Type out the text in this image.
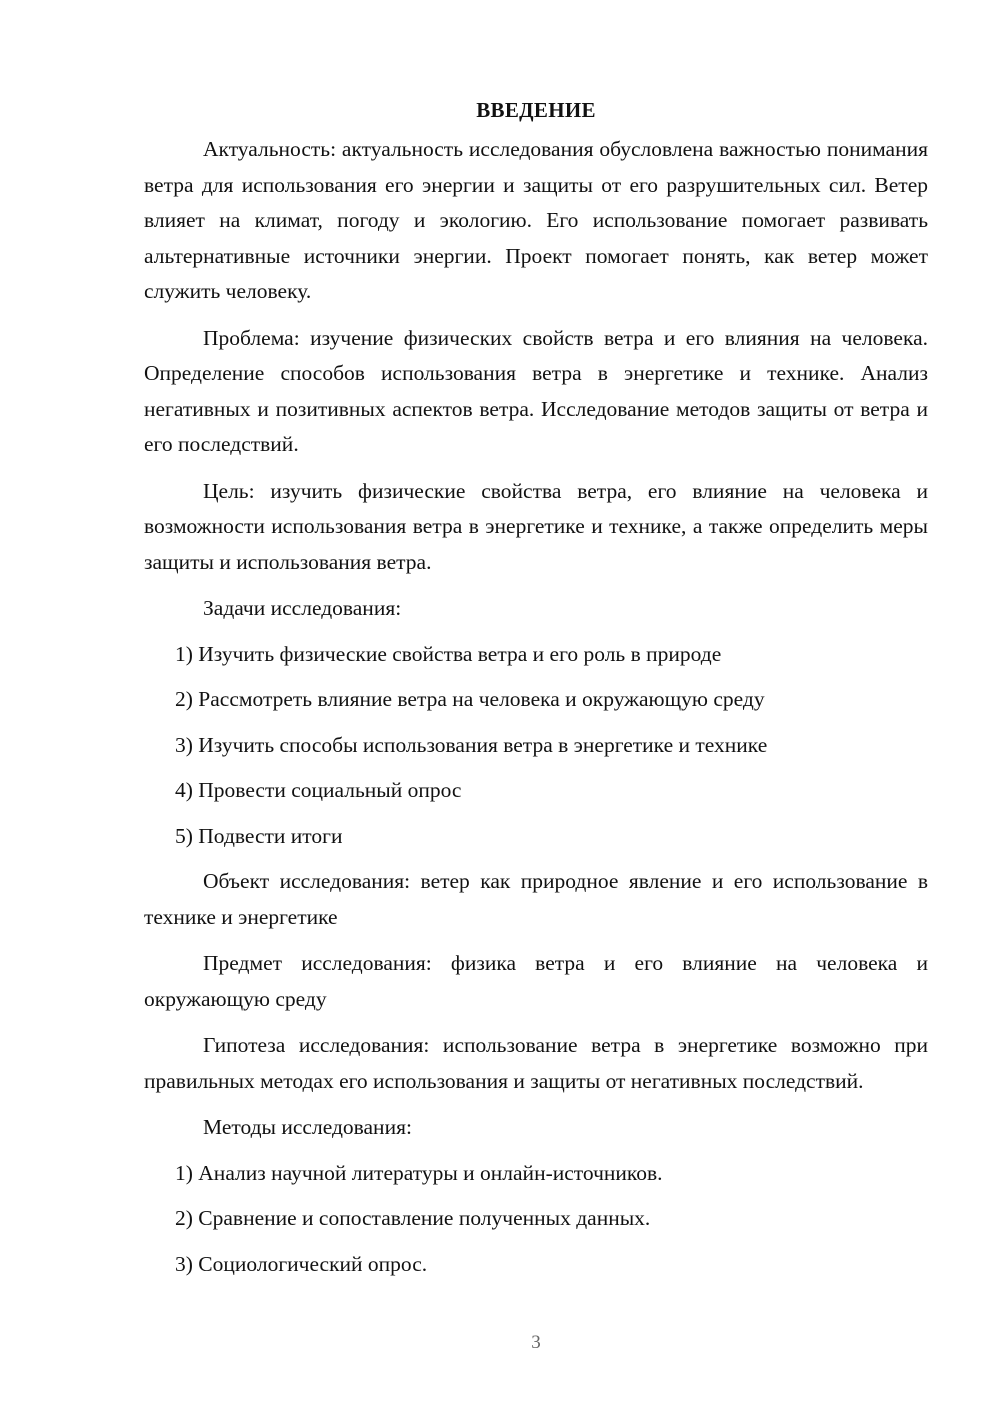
ВВЕДЕНИЕ

Актуальность: актуальность исследования обусловлена важностью понимания ветра для использования его энергии и защиты от его разрушительных сил. Ветер влияет на климат, погоду и экологию. Его использование помогает развивать альтернативные источники энергии. Проект помогает понять, как ветер может служить человеку.

Проблема: изучение физических свойств ветра и его влияния на человека. Определение способов использования ветра в энергетике и технике. Анализ негативных и позитивных аспектов ветра. Исследование методов защиты от ветра и его последствий.

Цель: изучить физические свойства ветра, его влияние на человека и возможности использования ветра в энергетике и технике, а также определить меры защиты и использования ветра.

Задачи исследования:
1) Изучить физические свойства ветра и его роль в природе
2) Рассмотреть влияние ветра на человека и окружающую среду
3) Изучить способы использования ветра в энергетике и технике
4) Провести социальный опрос
5) Подвести итоги

Объект исследования: ветер как природное явление и его использование в технике и энергетике

Предмет исследования: физика ветра и его влияние на человека и окружающую среду

Гипотеза исследования: использование ветра в энергетике возможно при правильных методах его использования и защиты от негативных последствий.

Методы исследования:
1) Анализ научной литературы и онлайн-источников.
2) Сравнение и сопоставление полученных данных.
3) Социологический опрос.
3
